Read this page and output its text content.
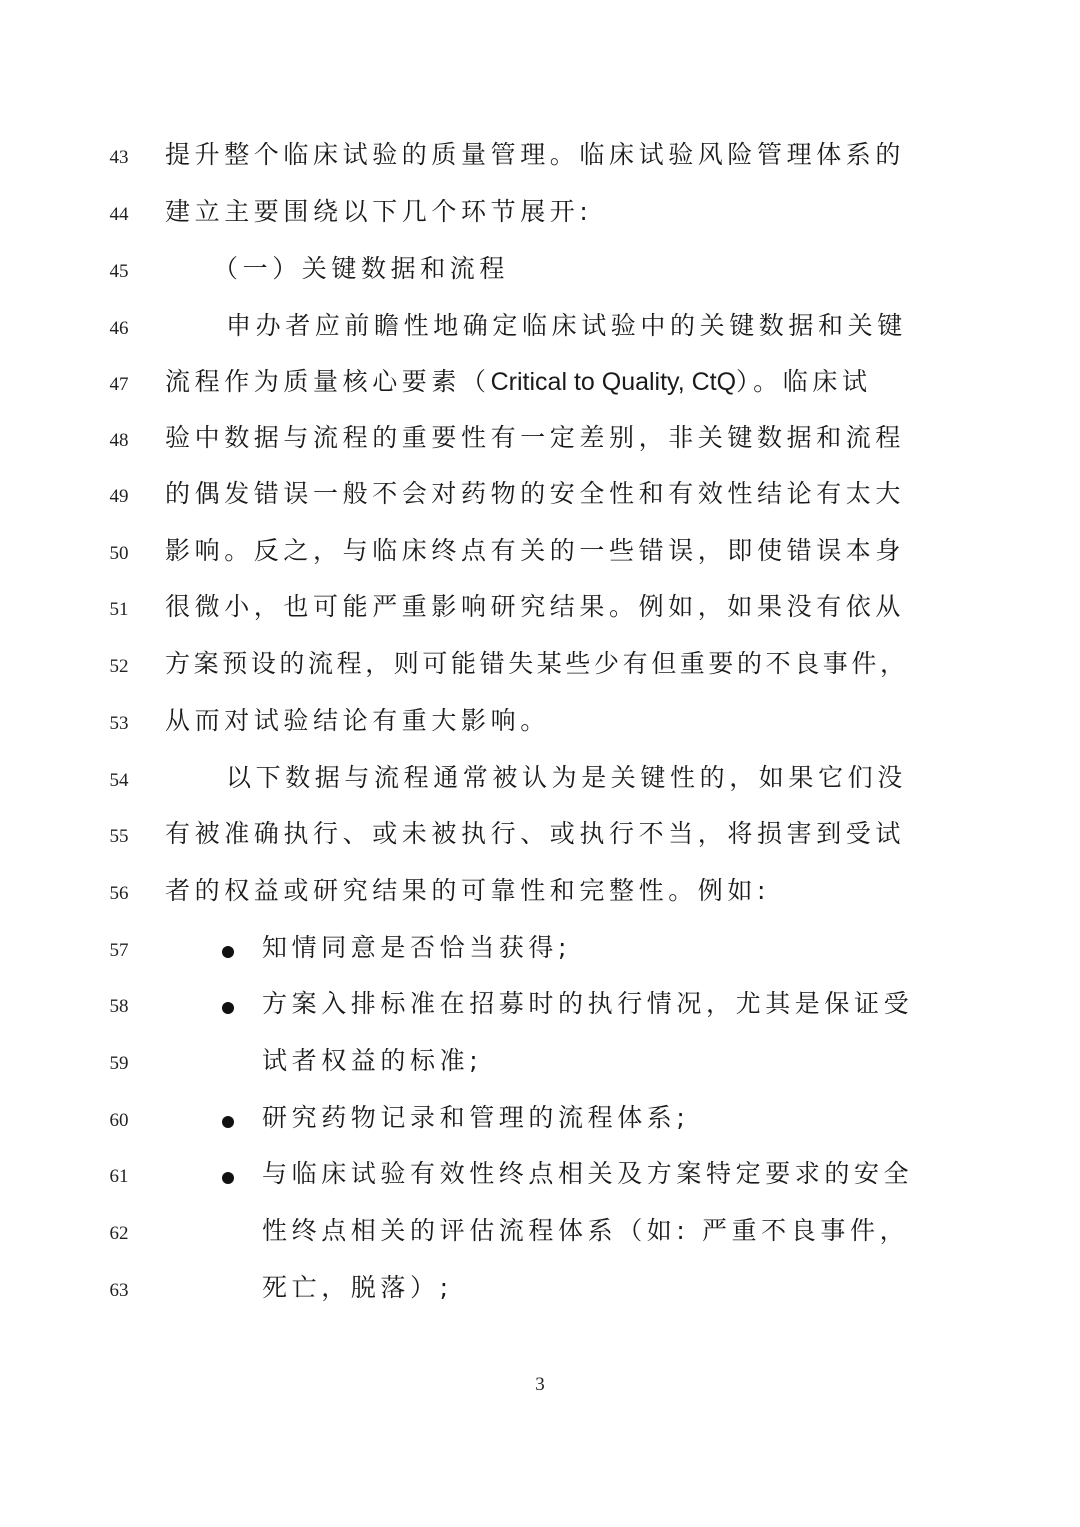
43	提升整个临床试验的质量管理。临床试验风险管理体系的
44	建立主要围绕以下几个环节展开:
45	（一）关键数据和流程
46	申办者应前瞻性地确定临床试验中的关键数据和关键
47	流程作为质量核心要素（Critical to Quality, CtQ）。临床试
48	验中数据与流程的重要性有一定差别，非关键数据和流程
49	的偶发错误一般不会对药物的安全性和有效性结论有太大
50	影响。反之，与临床终点有关的一些错误，即使错误本身
51	很微小，也可能严重影响研究结果。例如，如果没有依从
52	方案预设的流程，则可能错失某些少有但重要的不良事件，
53	从而对试验结论有重大影响。
54	以下数据与流程通常被认为是关键性的，如果它们没
55	有被准确执行、或未被执行、或执行不当，将损害到受试
56	者的权益或研究结果的可靠性和完整性。例如:
57	知情同意是否恰当获得;
58	方案入排标准在招募时的执行情况，尤其是保证受
59	试者权益的标准;
60	研究药物记录和管理的流程体系;
61	与临床试验有效性终点相关及方案特定要求的安全
62	性终点相关的评估流程体系（如: 严重不良事件，
63	死亡，脱落）;
3
